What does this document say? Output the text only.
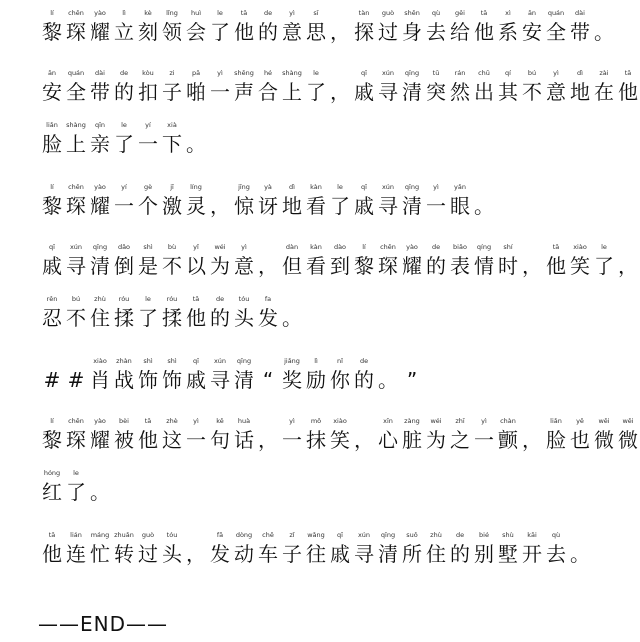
lí
黎
chēn
琛
yào
耀
lì
立
kè
刻
lǐng
领
huì
会
le
了
tā
他
de
的
yì
意
sī
思 ，
tàn
探
guò
过
shēn
身
qù
去
gěi
给
tā
他
xì
系
ān
安
quán
全
dài
带 。
ān
安
quán
全
dài
带
de
的
kòu
扣
zi
子
pā
啪
yì
一
shēng
声
hé
合
shàng
上
le
了 ，
qī
戚
xún
寻
qīng
清
tū
突
rán
然
chū
出
qí
其
bú
不
yì
意
dì
地
zài
在
tā
他
liǎn
脸
shàng
上
qīn
亲
le
了
yí
一
xià
下 。
lí
黎
chēn
琛
yào
耀
yí
一
gè
个
jī
激
líng
灵 ，
jīng
惊
yà
讶
dì
地
kàn
看
le
了
qī
戚
xún
寻
qīng
清
yì
一
yǎn
眼 。
qī
戚
xún
寻
qīng
清
dǎo
倒
shì
是
bù
不
yǐ
以
wéi
为
yì
意 ，
dàn
但
kàn
看
dào
到
lí
黎
chēn
琛
yào
耀
de
的
biǎo
表
qíng
情
shí
时 ，
tā
他
xiào
笑
le
了 ，
rěn
忍
bú
不
zhù
住
róu
揉
le
了
róu
揉
tā
他
de
的
tóu
头
fa
发 。
# #
xiào
肖
zhàn
战
shì
饰
shì
饰
qī
戚
xún
寻
qīng
清 “
jiǎng
奖
lì
励
nǐ
你
de
的 。 ”
lí
黎
chēn
琛
yào
耀
bèi
被
tā
他
zhè
这
yì
一
kě
句
huà
话 ，
yì
一
mǒ
抹
xiào
笑 ，
xīn
心
zàng
脏
wéi
为
zhī
之
yì
一
chàn
颤 ，
liǎn
脸
yě
也
wēi
微
wēi
微
hóng
红
le
了 。
tā
他
lián
连
máng
忙
zhuǎn
转
guò
过
tóu
头 ，
fā
发
dòng
动
chē
车
zǐ
子
wǎng
往
qī
戚
xún
寻
qīng
清
suǒ
所
zhù
住
de
的
bié
别
shù
墅
kāi
开
qù
去 。
——END——
